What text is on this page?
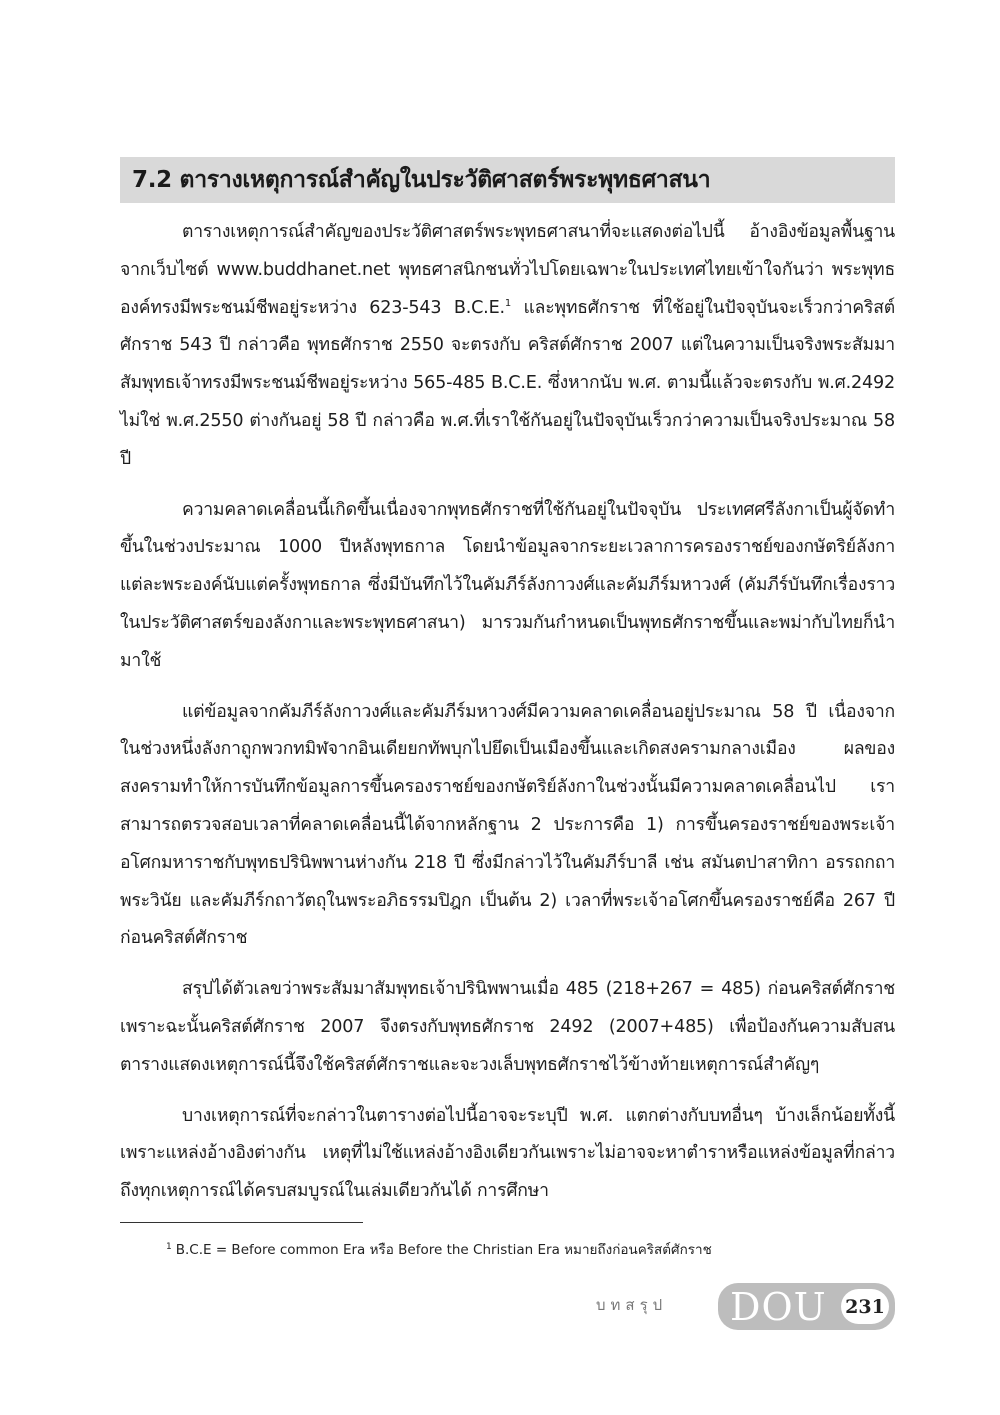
7.2 ตารางเหตุการณ์สำคัญในประวัติศาสตร์พระพุทธศาสนา

ตารางเหตุการณ์สำคัญของประวัติศาสตร์พระพุทธศาสนาที่จะแสดงต่อไปนี้ อ้างอิงข้อมูลพื้นฐานจากเว็บไซต์ www.buddhanet.net พุทธศาสนิกชนทั่วไปโดยเฉพาะในประเทศไทยเข้าใจกันว่า พระพุทธองค์ทรงมีพระชนม์ชีพอยู่ระหว่าง 623-543 B.C.E.$^1$ และพุทธศักราช ที่ใช้อยู่ในปัจจุบันจะเร็วกว่าคริสต์ศักราช 543 ปี กล่าวคือ พุทธศักราช 2550 จะตรงกับ คริสต์ศักราช 2007 แต่ในความเป็นจริงพระสัมมาสัมพุทธเจ้าทรงมีพระชนม์ชีพอยู่ระหว่าง 565-485 B.C.E. ซึ่งหากนับ พ.ศ. ตามนี้แล้วจะตรงกับ พ.ศ.2492 ไม่ใช่ พ.ศ.2550 ต่างกันอยู่ 58 ปี กล่าวคือ พ.ศ.ที่เราใช้กันอยู่ในปัจจุบันเร็วกว่าความเป็นจริงประมาณ 58 ปี

ความคลาดเคลื่อนนี้เกิดขึ้นเนื่องจากพุทธศักราชที่ใช้กันอยู่ในปัจจุบัน ประเทศศรีลังกาเป็นผู้จัดทำขึ้นในช่วงประมาณ 1000 ปีหลังพุทธกาล โดยนำข้อมูลจากระยะเวลาการครองราชย์ของกษัตริย์ลังกาแต่ละพระองค์นับแต่ครั้งพุทธกาล ซึ่งมีบันทึกไว้ในคัมภีร์ลังกาวงศ์และคัมภีร์มหาวงศ์ (คัมภีร์บันทึกเรื่องราวในประวัติศาสตร์ของลังกาและพระพุทธศาสนา) มารวมกันกำหนดเป็นพุทธศักราชขึ้นและพม่ากับไทยก็นำมาใช้

แต่ข้อมูลจากคัมภีร์ลังกาวงศ์และคัมภีร์มหาวงศ์มีความคลาดเคลื่อนอยู่ประมาณ 58 ปี เนื่องจากในช่วงหนึ่งลังกาถูกพวกทมิฬจากอินเดียยกทัพบุกไปยึดเป็นเมืองขึ้นและเกิดสงครามกลางเมือง ผลของสงครามทำให้การบันทึกข้อมูลการขึ้นครองราชย์ของกษัตริย์ลังกาในช่วงนั้นมีความคลาดเคลื่อนไป เราสามารถตรวจสอบเวลาที่คลาดเคลื่อนนี้ได้จากหลักฐาน 2 ประการคือ 1) การขึ้นครองราชย์ของพระเจ้าอโศกมหาราชกับพุทธปรินิพพานห่างกัน 218 ปี ซึ่งมีกล่าวไว้ในคัมภีร์บาลี เช่น สมันตปาสาทิกา อรรถกถาพระวินัย และคัมภีร์กถาวัตถุในพระอภิธรรมปิฎก เป็นต้น 2) เวลาที่พระเจ้าอโศกขึ้นครองราชย์คือ 267 ปีก่อนคริสต์ศักราช

สรุปได้ตัวเลขว่าพระสัมมาสัมพุทธเจ้าปรินิพพานเมื่อ 485 (218+267 = 485) ก่อนคริสต์ศักราช เพราะฉะนั้นคริสต์ศักราช 2007 จึงตรงกับพุทธศักราช 2492 (2007+485) เพื่อป้องกันความสับสน ตารางแสดงเหตุการณ์นี้จึงใช้คริสต์ศักราชและจะวงเล็บพุทธศักราชไว้ข้างท้ายเหตุการณ์สำคัญๆ

บางเหตุการณ์ที่จะกล่าวในตารางต่อไปนี้อาจจะระบุปี พ.ศ. แตกต่างกับบทอื่นๆ บ้างเล็กน้อยทั้งนี้เพราะแหล่งอ้างอิงต่างกัน เหตุที่ไม่ใช้แหล่งอ้างอิงเดียวกันเพราะไม่อาจจะหาตำราหรือแหล่งข้อมูลที่กล่าวถึงทุกเหตุการณ์ได้ครบสมบูรณ์ในเล่มเดียวกันได้ การศึกษา

$^1$ B.C.E = Before common Era หรือ Before the Christian Era หมายถึงก่อนคริสต์ศักราช
บทสรุป DOU 231
